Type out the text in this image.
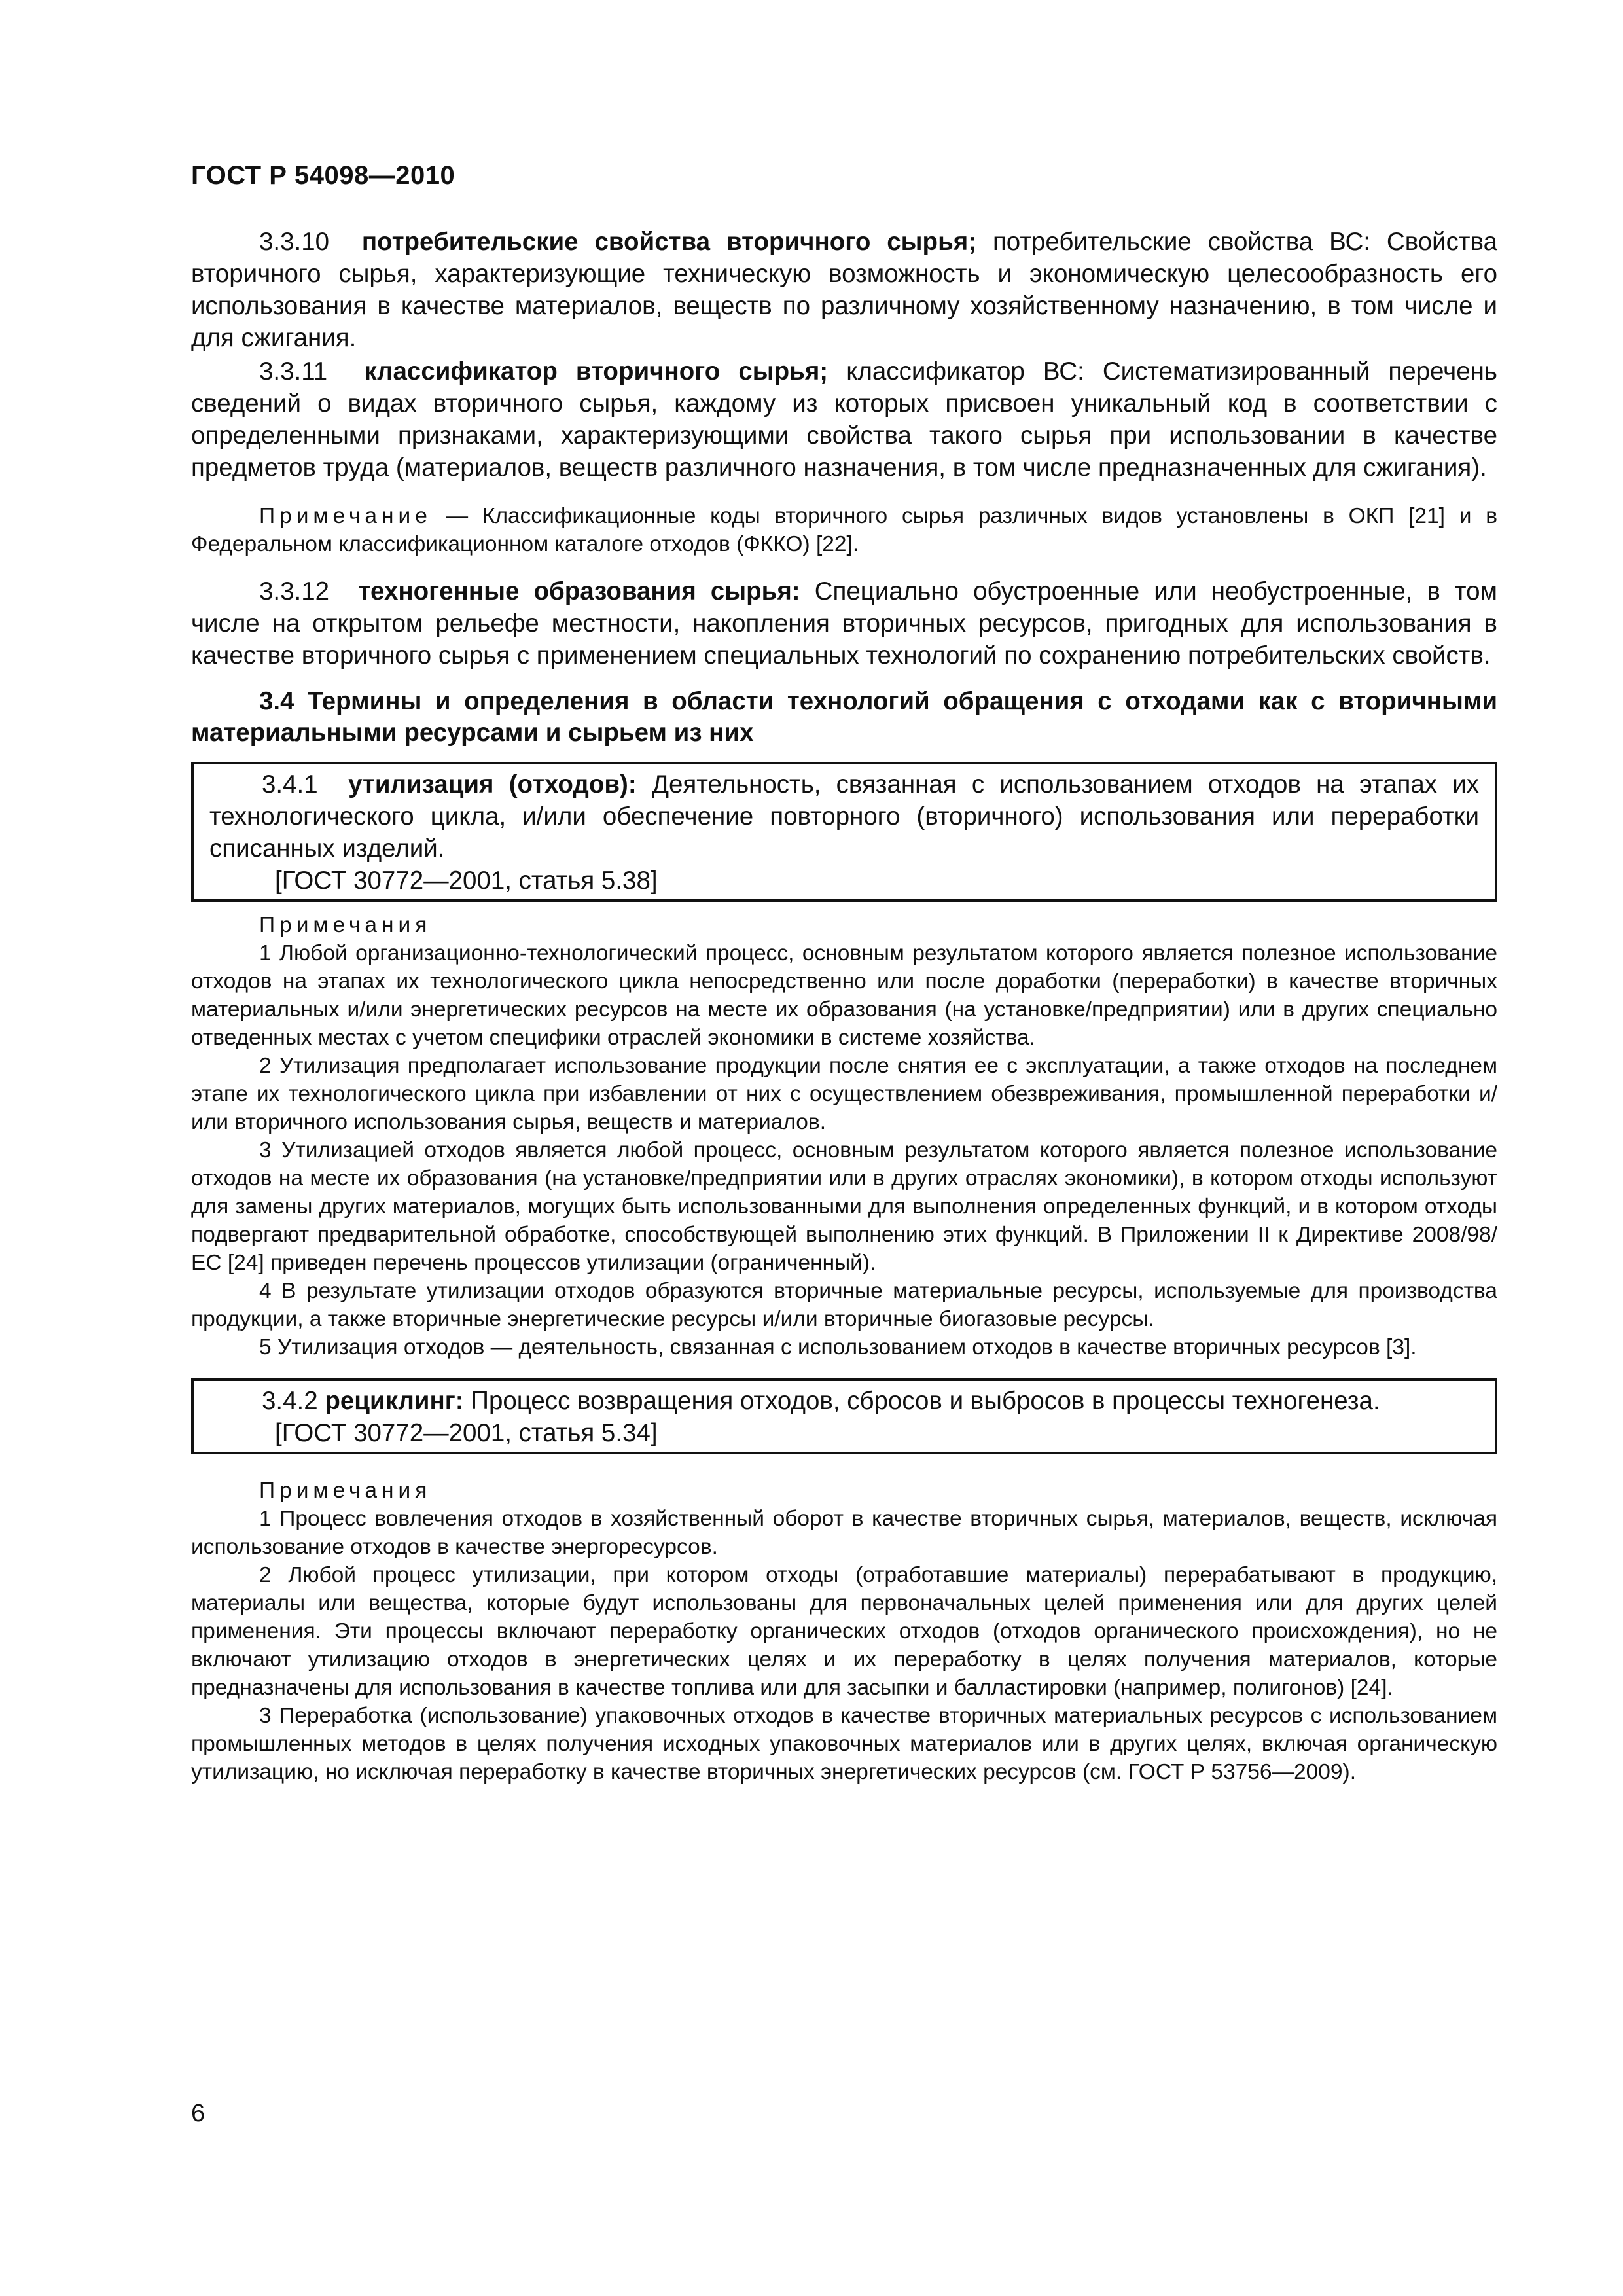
ГОСТ Р 54098—2010

3.3.10 потребительские свойства вторичного сырья; потребительские свойства ВС: Свойства вторичного сырья, характеризующие техническую возможность и экономическую целесообразность его использования в качестве материалов, веществ по различному хозяйственному назначению, в том числе и для сжигания.

3.3.11 классификатор вторичного сырья; классификатор ВС: Систематизированный перечень сведений о видах вторичного сырья, каждому из которых присвоен уникальный код в соответствии с определенными признаками, характеризующими свойства такого сырья при использовании в качестве предметов труда (материалов, веществ различного назначения, в том числе предназначенных для сжигания).

Примечание — Классификационные коды вторичного сырья различных видов установлены в ОКП [21] и в Федеральном классификационном каталоге отходов (ФККО) [22].

3.3.12 техногенные образования сырья: Специально обустроенные или необустроенные, в том числе на открытом рельефе местности, накопления вторичных ресурсов, пригодных для использования в качестве вторичного сырья с применением специальных технологий по сохранению потребительских свойств.

3.4 Термины и определения в области технологий обращения с отходами как с вторичными материальными ресурсами и сырьем из них

3.4.1 утилизация (отходов): Деятельность, связанная с использованием отходов на этапах их технологического цикла, и/или обеспечение повторного (вторичного) использования или переработки списанных изделий.

[ГОСТ 30772—2001, статья 5.38]
Примечания

1 Любой организационно-технологический процесс, основным результатом которого является полезное использование отходов на этапах их технологического цикла непосредственно или после доработки (переработки) в качестве вторичных материальных и/или энергетических ресурсов на месте их образования (на установке/предприятии) или в других специально отведенных местах с учетом специфики отраслей экономики в системе хозяйства.

2 Утилизация предполагает использование продукции после снятия ее с эксплуатации, а также отходов на последнем этапе их технологического цикла при избавлении от них с осуществлением обезвреживания, промышленной переработки и/или вторичного использования сырья, веществ и материалов.

3 Утилизацией отходов является любой процесс, основным результатом которого является полезное использование отходов на месте их образования (на установке/предприятии или в других отраслях экономики), в котором отходы используют для замены других материалов, могущих быть использованными для выполнения определенных функций, и в котором отходы подвергают предварительной обработке, способствующей выполнению этих функций. В Приложении II к Директиве 2008/98/ЕС [24] приведен перечень процессов утилизации (ограниченный).

4 В результате утилизации отходов образуются вторичные материальные ресурсы, используемые для производства продукции, а также вторичные энергетические ресурсы и/или вторичные биогазовые ресурсы.

5 Утилизация отходов — деятельность, связанная с использованием отходов в качестве вторичных ресурсов [3].

3.4.2 рециклинг: Процесс возвращения отходов, сбросов и выбросов в процессы техногенеза.

[ГОСТ 30772—2001, статья 5.34]
Примечания

1 Процесс вовлечения отходов в хозяйственный оборот в качестве вторичных сырья, материалов, веществ, исключая использование отходов в качестве энергоресурсов.

2 Любой процесс утилизации, при котором отходы (отработавшие материалы) перерабатывают в продукцию, материалы или вещества, которые будут использованы для первоначальных целей применения или для других целей применения. Эти процессы включают переработку органических отходов (отходов органического происхождения), но не включают утилизацию отходов в энергетических целях и их переработку в целях получения материалов, которые предназначены для использования в качестве топлива или для засыпки и балластировки (например, полигонов) [24].

3 Переработка (использование) упаковочных отходов в качестве вторичных материальных ресурсов с использованием промышленных методов в целях получения исходных упаковочных материалов или в других целях, включая органическую утилизацию, но исключая переработку в качестве вторичных энергетических ресурсов (см. ГОСТ Р 53756—2009).

6
